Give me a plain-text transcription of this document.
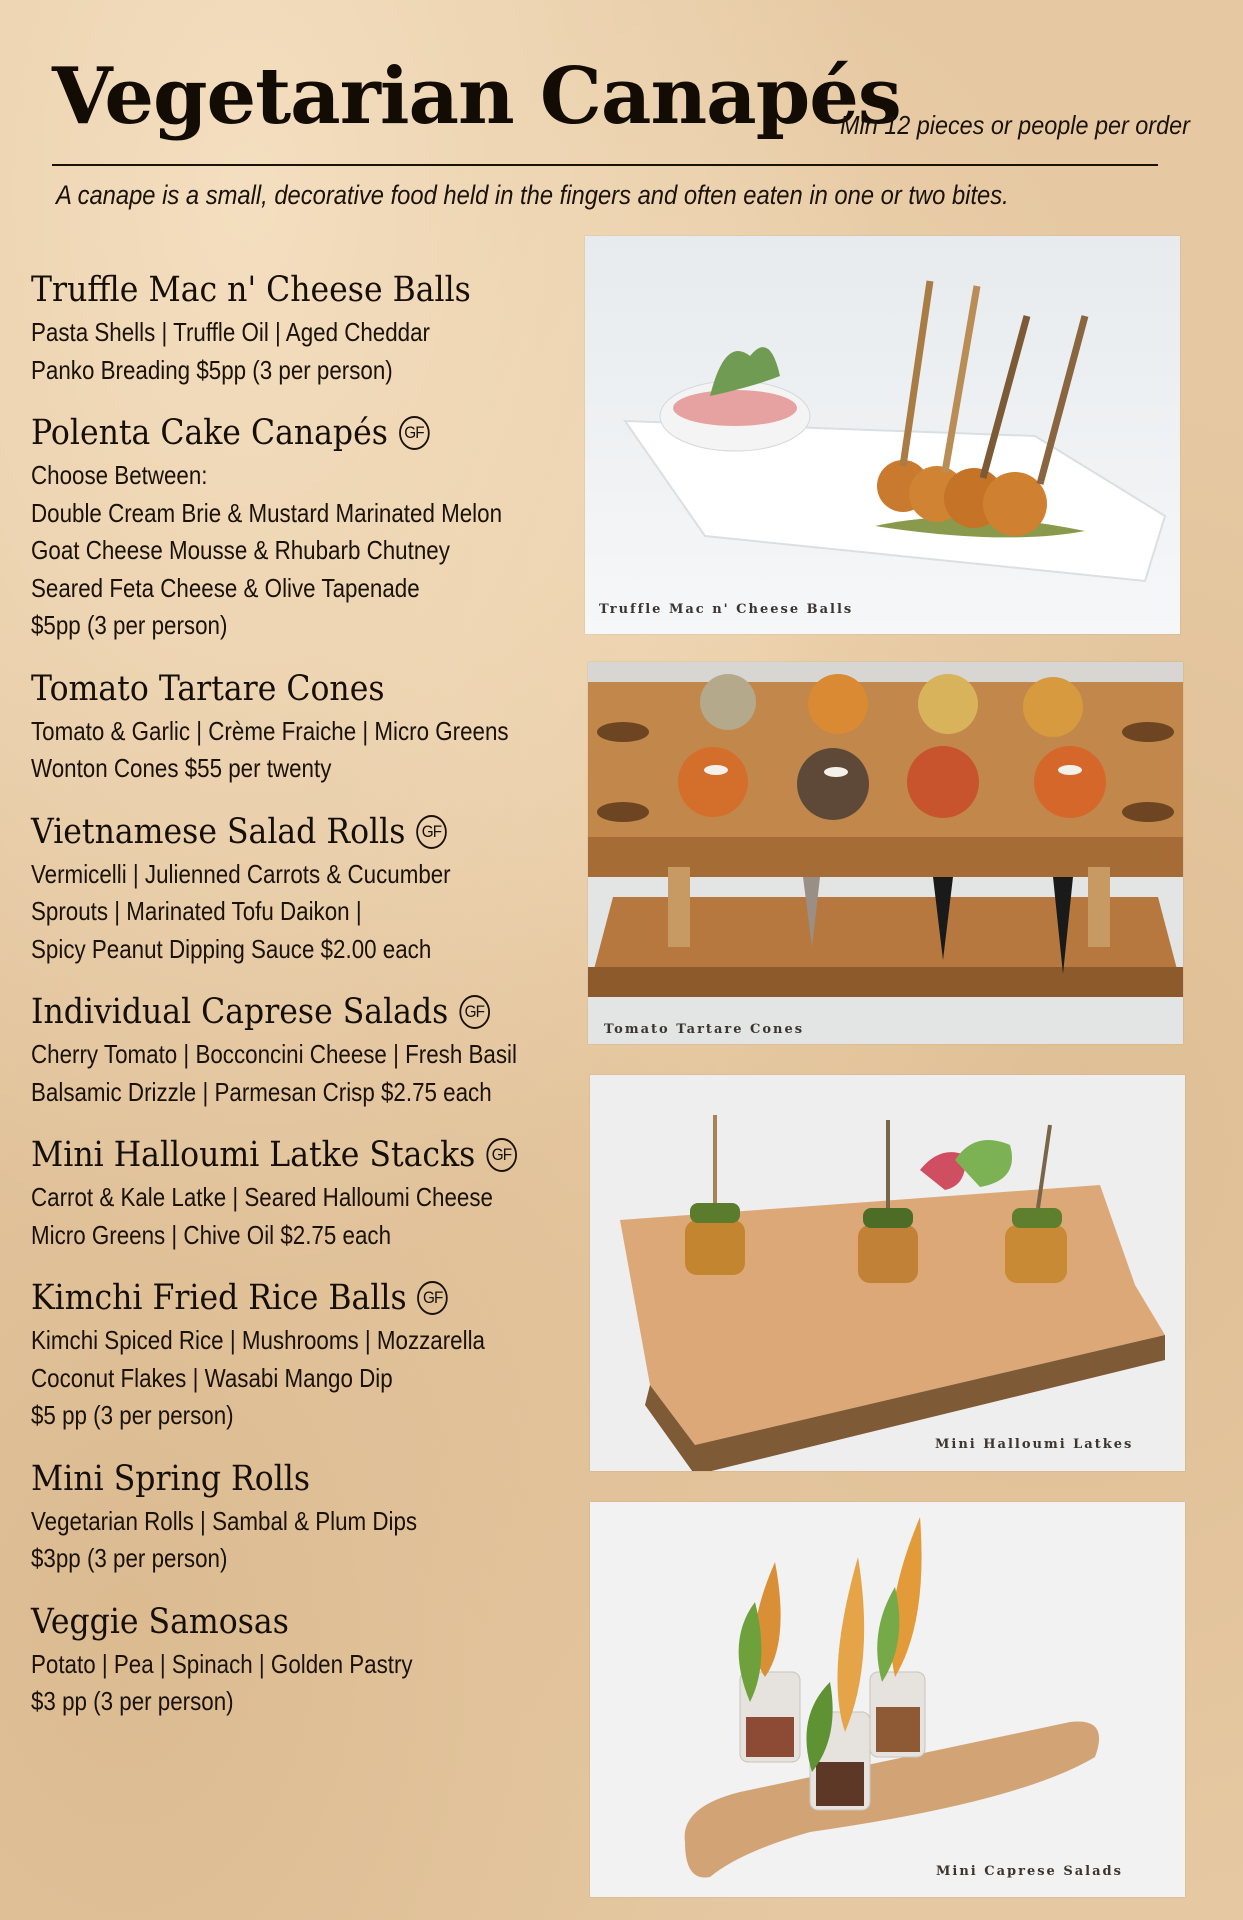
Vegetarian Canapés
Min 12 pieces or people per order
A canape is a small, decorative food held in the fingers and often eaten in one or two bites.
Truffle Mac n' Cheese Balls
Pasta Shells | Truffle Oil | Aged Cheddar
Panko Breading $5pp (3 per person)
Polenta Cake Canapés GF
Choose Between:
Double Cream Brie & Mustard Marinated Melon
Goat Cheese Mousse & Rhubarb Chutney
Seared Feta Cheese & Olive Tapenade
$5pp (3 per person)
Tomato Tartare Cones
Tomato & Garlic | Crème Fraiche | Micro Greens
Wonton Cones $55 per twenty
Vietnamese Salad Rolls GF
Vermicelli | Julienned Carrots & Cucumber
Sprouts | Marinated Tofu Daikon |
Spicy Peanut Dipping Sauce $2.00 each
Individual Caprese Salads GF
Cherry Tomato | Bocconcini Cheese | Fresh Basil
Balsamic Drizzle | Parmesan Crisp $2.75 each
Mini Halloumi Latke Stacks GF
Carrot & Kale Latke | Seared Halloumi Cheese
Micro Greens | Chive Oil $2.75 each
Kimchi Fried Rice Balls GF
Kimchi Spiced Rice | Mushrooms | Mozzarella
Coconut Flakes | Wasabi Mango Dip
$5 pp (3 per person)
Mini Spring Rolls
Vegetarian Rolls | Sambal & Plum Dips
$3pp (3 per person)
Veggie Samosas
Potato | Pea | Spinach | Golden Pastry
$3 pp (3 per person)
Truffle Mac n' Cheese Balls
Tomato Tartare Cones
Mini Halloumi Latkes
Mini Caprese Salads
